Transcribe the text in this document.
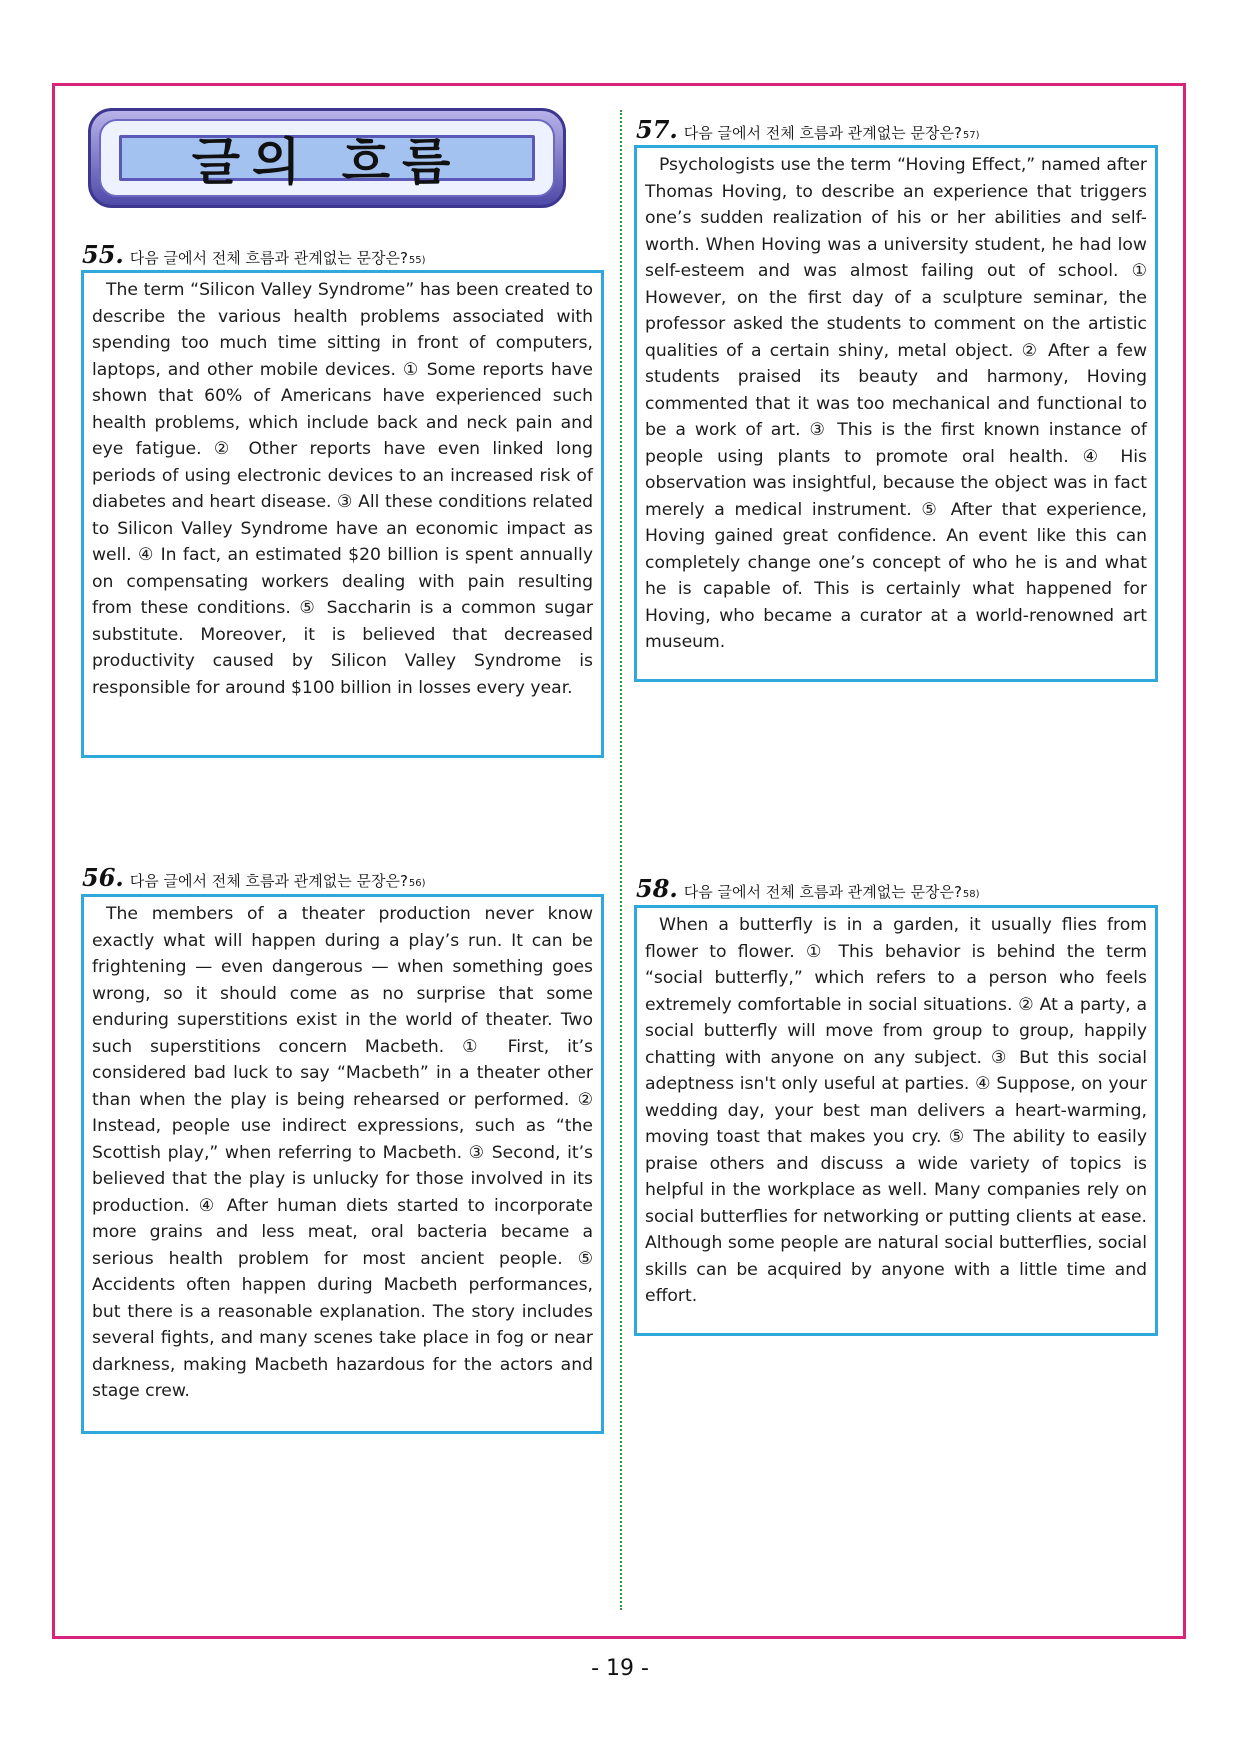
글의 흐름
55. 다음 글에서 전체 흐름과 관계없는 문장은? 55)

The term “Silicon Valley Syndrome” has been created to describe the various health problems associated with spending too much time sitting in front of computers, laptops, and other mobile devices. ① Some reports have shown that 60% of Americans have experienced such health problems, which include back and neck pain and eye fatigue. ② Other reports have even linked long periods of using electronic devices to an increased risk of diabetes and heart disease. ③ All these conditions related to Silicon Valley Syndrome have an economic impact as well. ④ In fact, an estimated $20 billion is spent annually on compensating workers dealing with pain resulting from these conditions. ⑤ Saccharin is a common sugar substitute. Moreover, it is believed that decreased productivity caused by Silicon Valley Syndrome is responsible for around $100 billion in losses every year.

56. 다음 글에서 전체 흐름과 관계없는 문장은? 56)

The members of a theater production never know exactly what will happen during a play’s run. It can be frightening — even dangerous — when something goes wrong, so it should come as no surprise that some enduring superstitions exist in the world of theater. Two such superstitions concern Macbeth. ① First, it’s considered bad luck to say “Macbeth” in a theater other than when the play is being rehearsed or performed. ② Instead, people use indirect expressions, such as “the Scottish play,” when referring to Macbeth. ③ Second, it’s believed that the play is unlucky for those involved in its production. ④ After human diets started to incorporate more grains and less meat, oral bacteria became a serious health problem for most ancient people. ⑤ Accidents often happen during Macbeth performances, but there is a reasonable explanation. The story includes several fights, and many scenes take place in fog or near darkness, making Macbeth hazardous for the actors and stage crew.

57. 다음 글에서 전체 흐름과 관계없는 문장은? 57)

Psychologists use the term “Hoving Effect,” named after Thomas Hoving, to describe an experience that triggers one’s sudden realization of his or her abilities and self-worth. When Hoving was a university student, he had low self-esteem and was almost failing out of school. ① However, on the first day of a sculpture seminar, the professor asked the students to comment on the artistic qualities of a certain shiny, metal object. ② After a few students praised its beauty and harmony, Hoving commented that it was too mechanical and functional to be a work of art. ③ This is the first known instance of people using plants to promote oral health. ④ His observation was insightful, because the object was in fact merely a medical instrument. ⑤ After that experience, Hoving gained great confidence. An event like this can completely change one’s concept of who he is and what he is capable of. This is certainly what happened for Hoving, who became a curator at a world-renowned art museum.

58. 다음 글에서 전체 흐름과 관계없는 문장은? 58)

When a butterfly is in a garden, it usually flies from flower to flower. ① This behavior is behind the term “social butterfly,” which refers to a person who feels extremely comfortable in social situations. ② At a party, a social butterfly will move from group to group, happily chatting with anyone on any subject. ③ But this social adeptness isn't only useful at parties. ④ Suppose, on your wedding day, your best man delivers a heart-warming, moving toast that makes you cry. ⑤ The ability to easily praise others and discuss a wide variety of topics is helpful in the workplace as well. Many companies rely on social butterflies for networking or putting clients at ease. Although some people are natural social butterflies, social skills can be acquired by anyone with a little time and effort.

- 19 -
